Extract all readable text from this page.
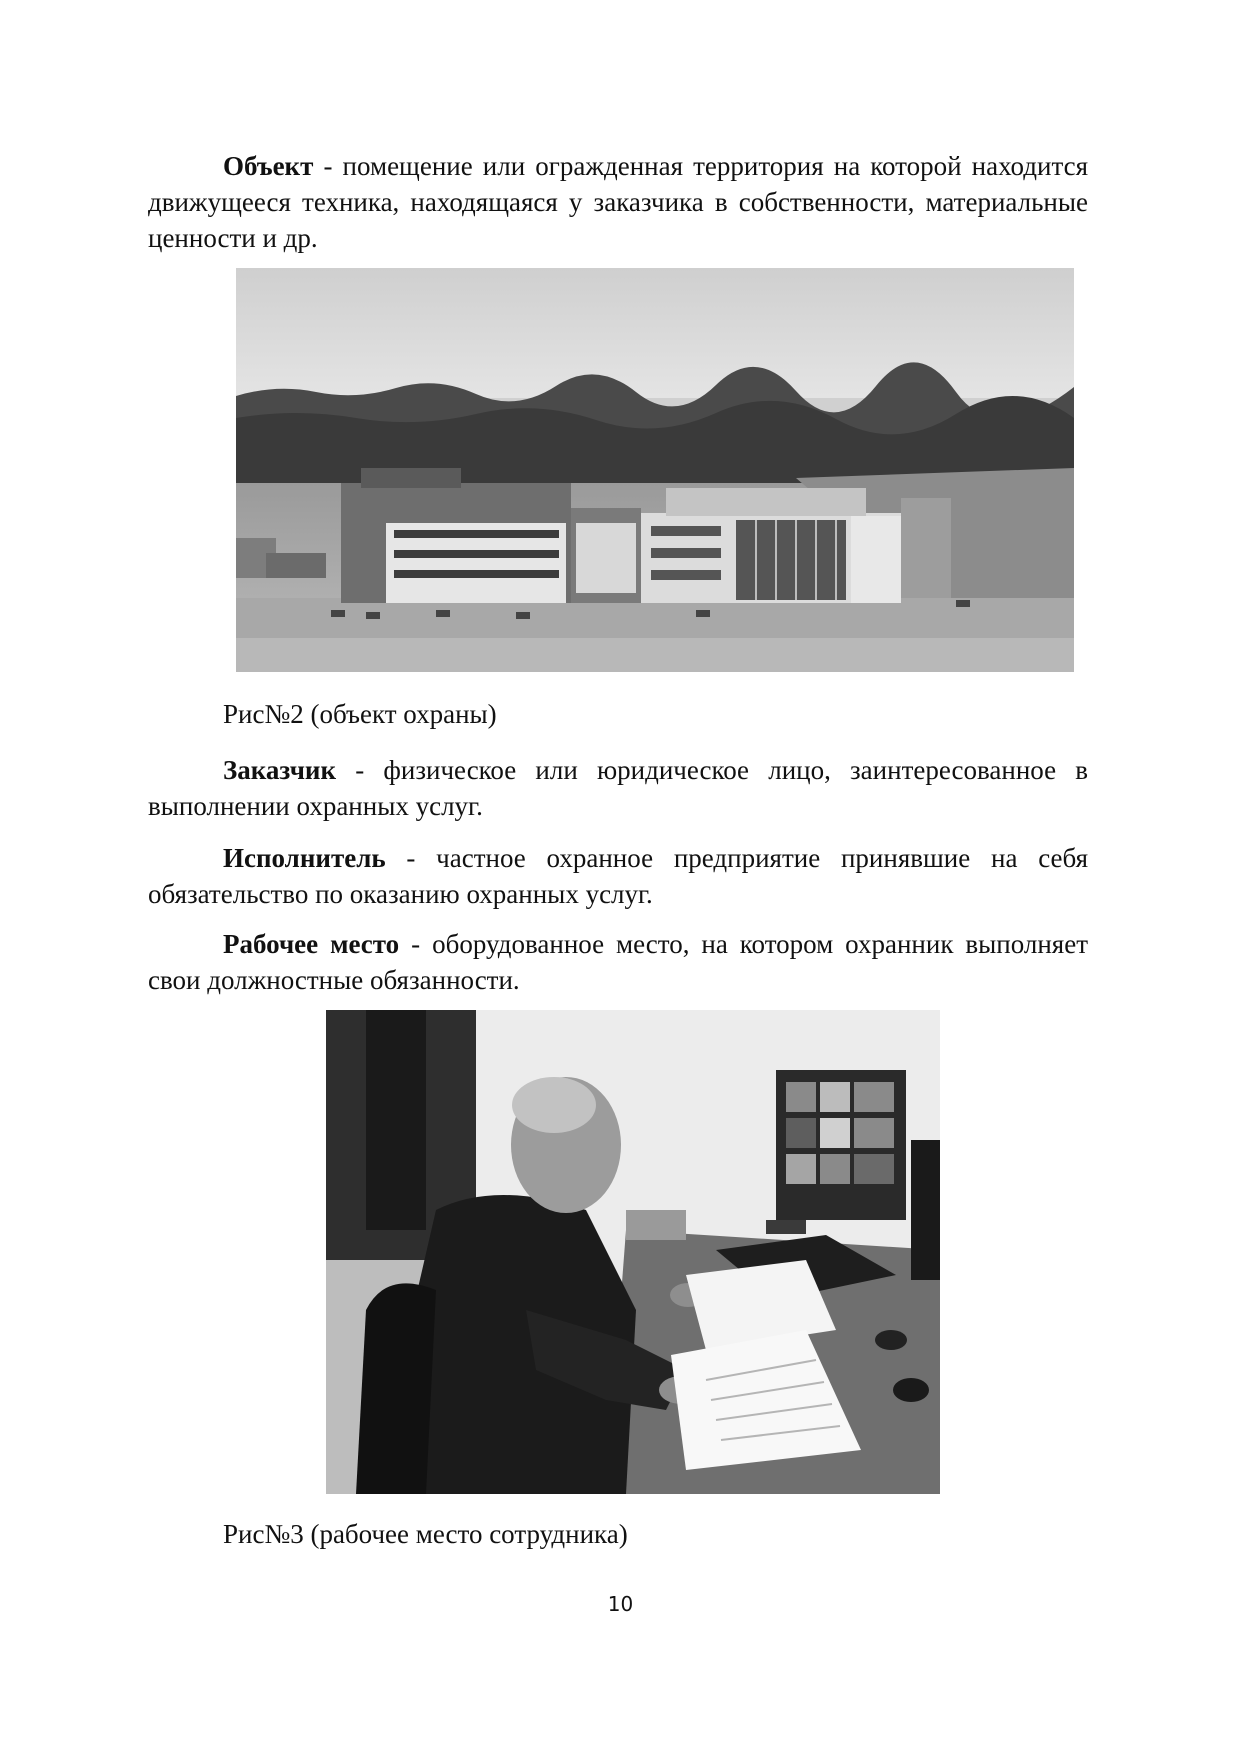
Объект - помещение или огражденная территория на которой находится движущееся техника, находящаяся у заказчика в собственности, материальные ценности и др.

Рис№2 (объект охраны)

Заказчик - физическое или юридическое лицо, заинтересованное в выполнении охранных услуг.

Исполнитель - частное охранное предприятие принявшие на себя обязательство по оказанию охранных услуг.

Рабочее место - оборудованное место, на котором охранник выполняет свои должностные обязанности.

Рис№3 (рабочее место сотрудника)

10
